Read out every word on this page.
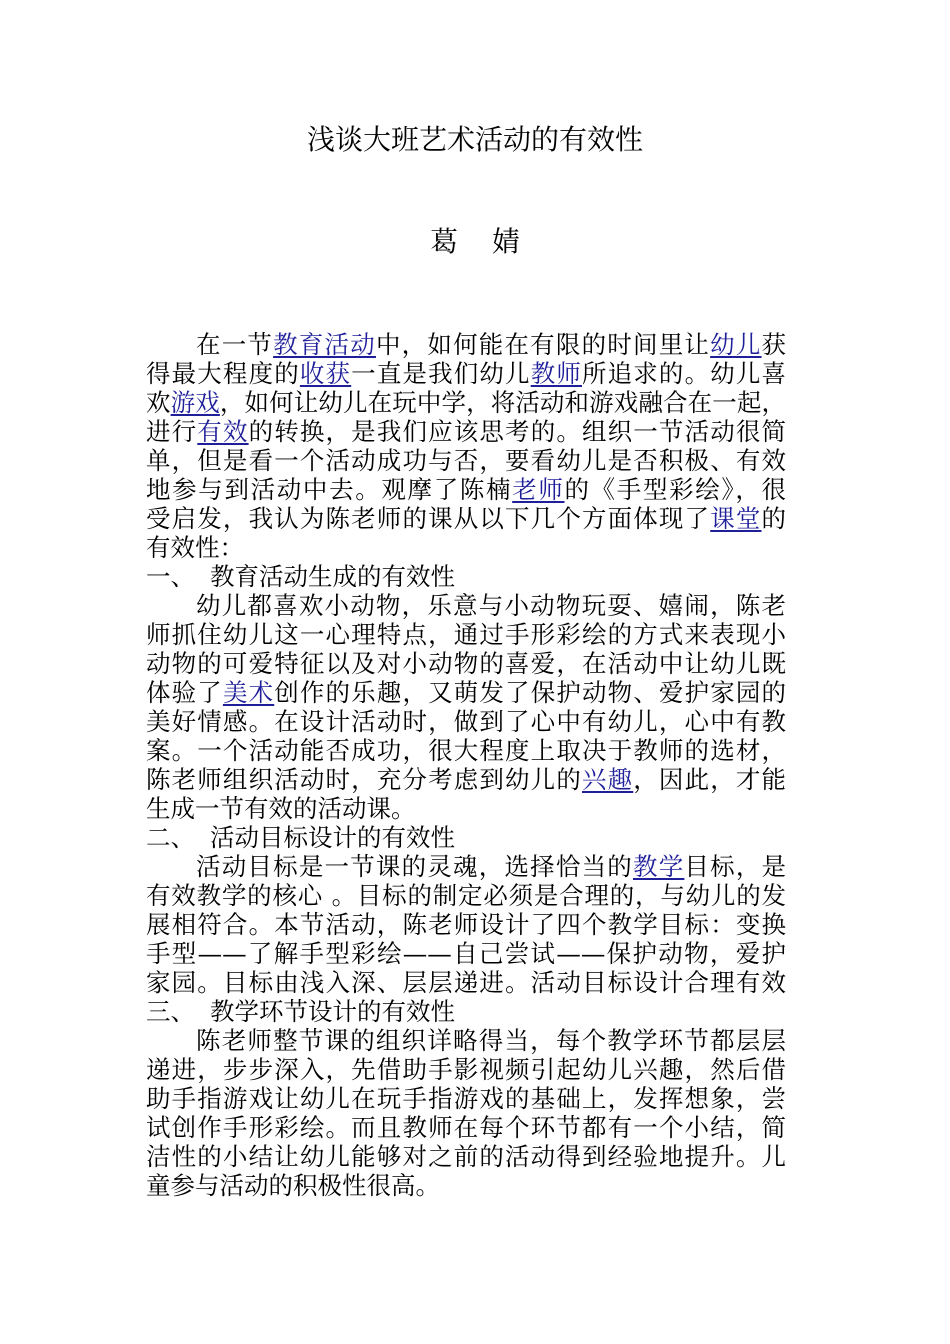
浅谈大班艺术活动的有效性
葛 婧
在一节教育活动中，如何能在有限的时间里让幼儿获
得最大程度的收获一直是我们幼儿教师所追求的。幼儿喜
欢游戏，如何让幼儿在玩中学，将活动和游戏融合在一起，
进行有效的转换，是我们应该思考的。组织一节活动很简
单，但是看一个活动成功与否，要看幼儿是否积极、有效
地参与到活动中去。观摩了陈楠老师的《手型彩绘》，很
受启发，我认为陈老师的课从以下几个方面体现了课堂的
有效性：
一、 教育活动生成的有效性
幼儿都喜欢小动物，乐意与小动物玩耍、嬉闹，陈老
师抓住幼儿这一心理特点，通过手形彩绘的方式来表现小
动物的可爱特征以及对小动物的喜爱，在活动中让幼儿既
体验了美术创作的乐趣，又萌发了保护动物、爱护家园的
美好情感。在设计活动时，做到了心中有幼儿，心中有教
案。一个活动能否成功，很大程度上取决于教师的选材，
陈老师组织活动时，充分考虑到幼儿的兴趣，因此，才能
生成一节有效的活动课。
二、 活动目标设计的有效性
活动目标是一节课的灵魂，选择恰当的教学目标，是
有效教学的核心 。目标的制定必须是合理的，与幼儿的发
展相符合。本节活动，陈老师设计了四个教学目标：变换
手型——了解手型彩绘——自己尝试——保护动物，爱护
家园。目标由浅入深、层层递进。活动目标设计合理有效
三、 教学环节设计的有效性
陈老师整节课的组织详略得当，每个教学环节都层层
递进，步步深入，先借助手影视频引起幼儿兴趣，然后借
助手指游戏让幼儿在玩手指游戏的基础上，发挥想象，尝
试创作手形彩绘。而且教师在每个环节都有一个小结，简
洁性的小结让幼儿能够对之前的活动得到经验地提升。儿
童参与活动的积极性很高。
